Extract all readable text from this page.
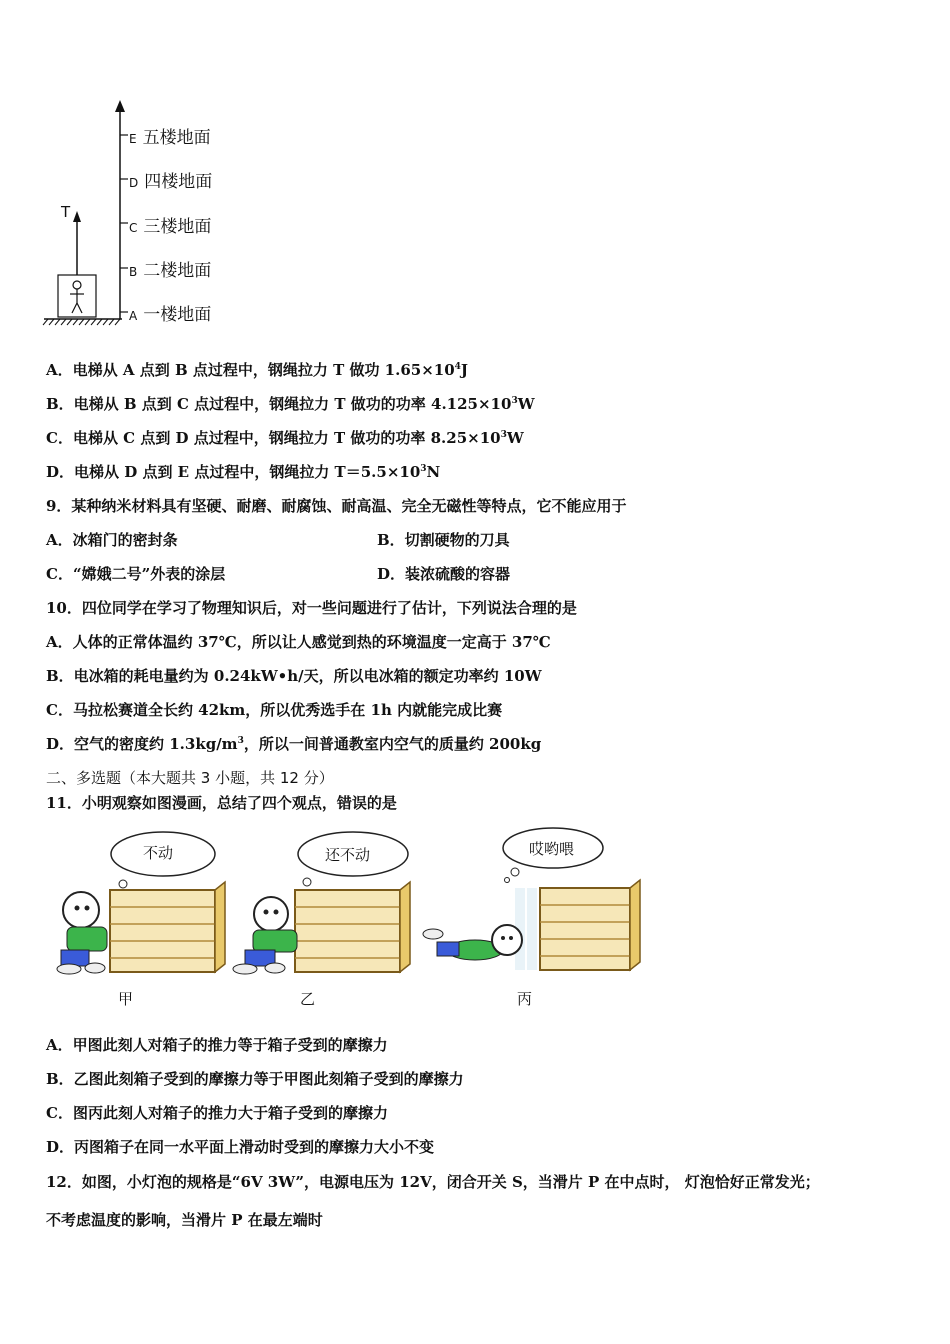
T
E 五楼地面
D 四楼地面
C 三楼地面
B 二楼地面
A 一楼地面
A．电梯从 A 点到 B 点过程中，钢绳拉力 T 做功 $1.65\times 10^4J$
B．电梯从 B 点到 C 点过程中，钢绳拉力 T 做功的功率 $4.125\times 10^3W$
C．电梯从 C 点到 D 点过程中，钢绳拉力 T 做功的功率 $8.25\times 10^3W$
D．电梯从 D 点到 E 点过程中，钢绳拉力 $T=5.5\times 10^3N$
9．某种纳米材料具有坚硬、耐磨、耐腐蚀、耐高温、完全无磁性等特点，它不能应用于
A．冰箱门的密封条	B．切割硬物的刀具
C．“嫦娥二号”外表的涂层	D．装浓硫酸的容器
10．四位同学在学习了物理知识后，对一些问题进行了估计，下列说法合理的是
A．人体的正常体温约 37℃，所以让人感觉到热的环境温度一定高于 37℃
B．电冰箱的耗电量约为 0.24kW•h/天，所以电冰箱的额定功率约 10W
C．马拉松赛道全长约 42km，所以优秀选手在 1h 内就能完成比赛
D．空气的密度约 $1.3kg/m^3$，所以一间普通教室内空气的质量约 200kg
二、多选题（本大题共 3 小题，共 12 分）
11．小明观察如图漫画，总结了四个观点，错误的是
不动	还不动	哎哟喂
甲	乙	丙
A．甲图此刻人对箱子的推力等于箱子受到的摩擦力
B．乙图此刻箱子受到的摩擦力等于甲图此刻箱子受到的摩擦力
C．图丙此刻人对箱子的推力大于箱子受到的摩擦力
D．丙图箱子在同一水平面上滑动时受到的摩擦力大小不变
12．如图，小灯泡的规格是“6V 3W”，电源电压为 12V，闭合开关 S，当滑片 P 在中点时， 灯泡恰好正常发光；
不考虑温度的影响，当滑片 P 在最左端时
